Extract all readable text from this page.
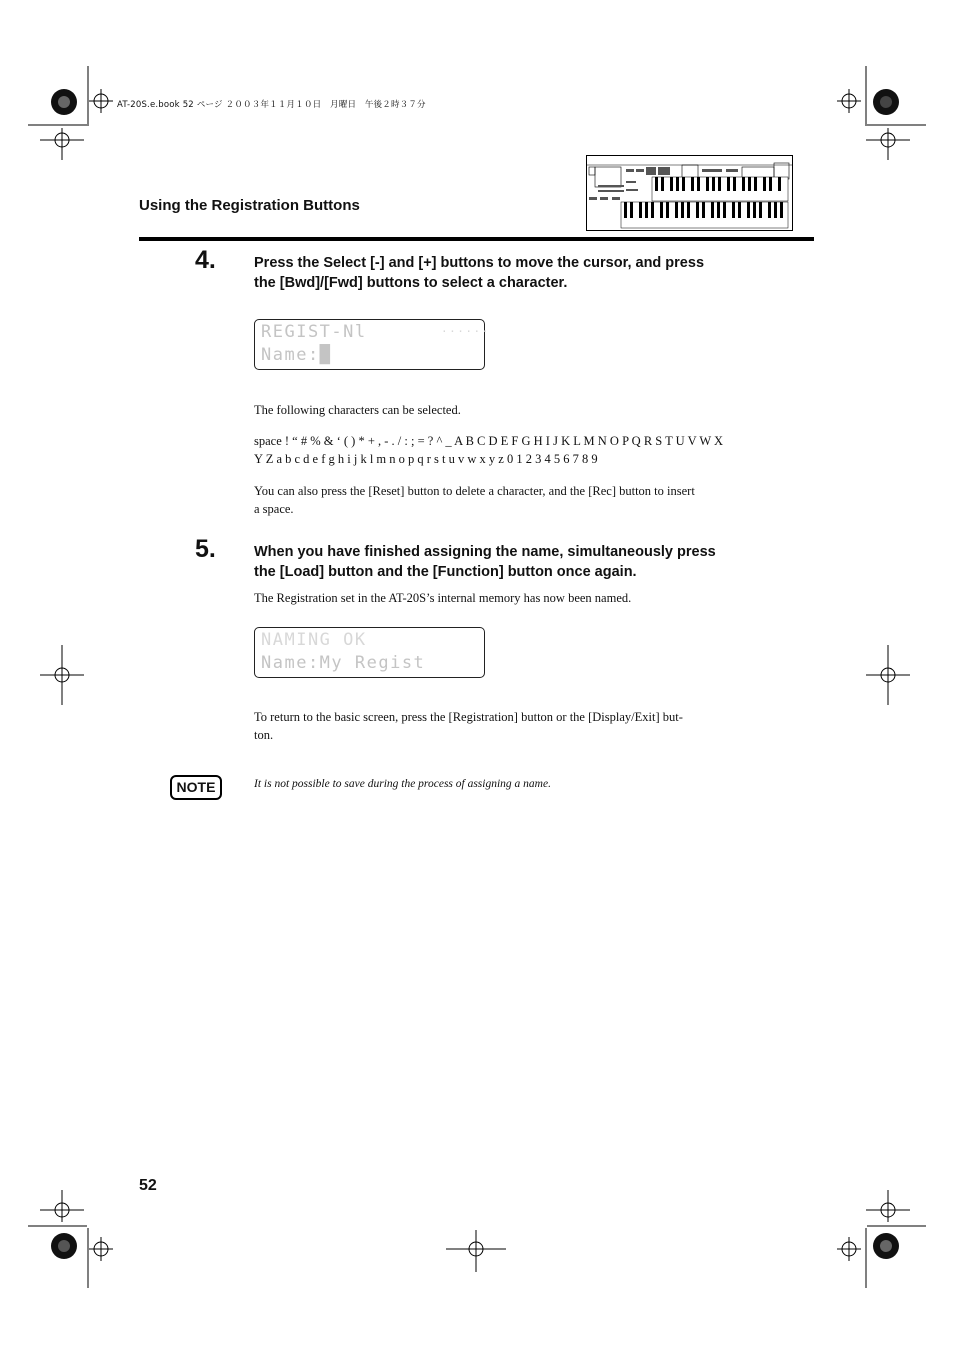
AT-20S.e.book 52 ページ ２００３年１１月１０日　月曜日　午後２時３７分
Using the Registration Buttons
4.	Press the Select [-] and [+] buttons to move the cursor, and press
the [Bwd]/[Fwd] buttons to select a character.
REGIST-Nl	......
Name:█
The following characters can be selected.
space ! “ # % & ‘ ( ) * + , - . / : ; = ? ^ _ A B C D E F G H I J K L M N O P Q R S T U V W X
Y Z a b c d e f g h i j k l m n o p q r s t u v w x y z 0 1 2 3 4 5 6 7 8 9
You can also press the [Reset] button to delete a character, and the [Rec] button to insert
a space.
5.	When you have finished assigning the name, simultaneously press
the [Load] button and the [Function] button once again.
The Registration set in the AT-20S’s internal memory has now been named.
NAMING OK
Name:My Regist
To return to the basic screen, press the [Registration] button or the [Display/Exit] but-
ton.
NOTE	It is not possible to save during the process of assigning a name.
52
